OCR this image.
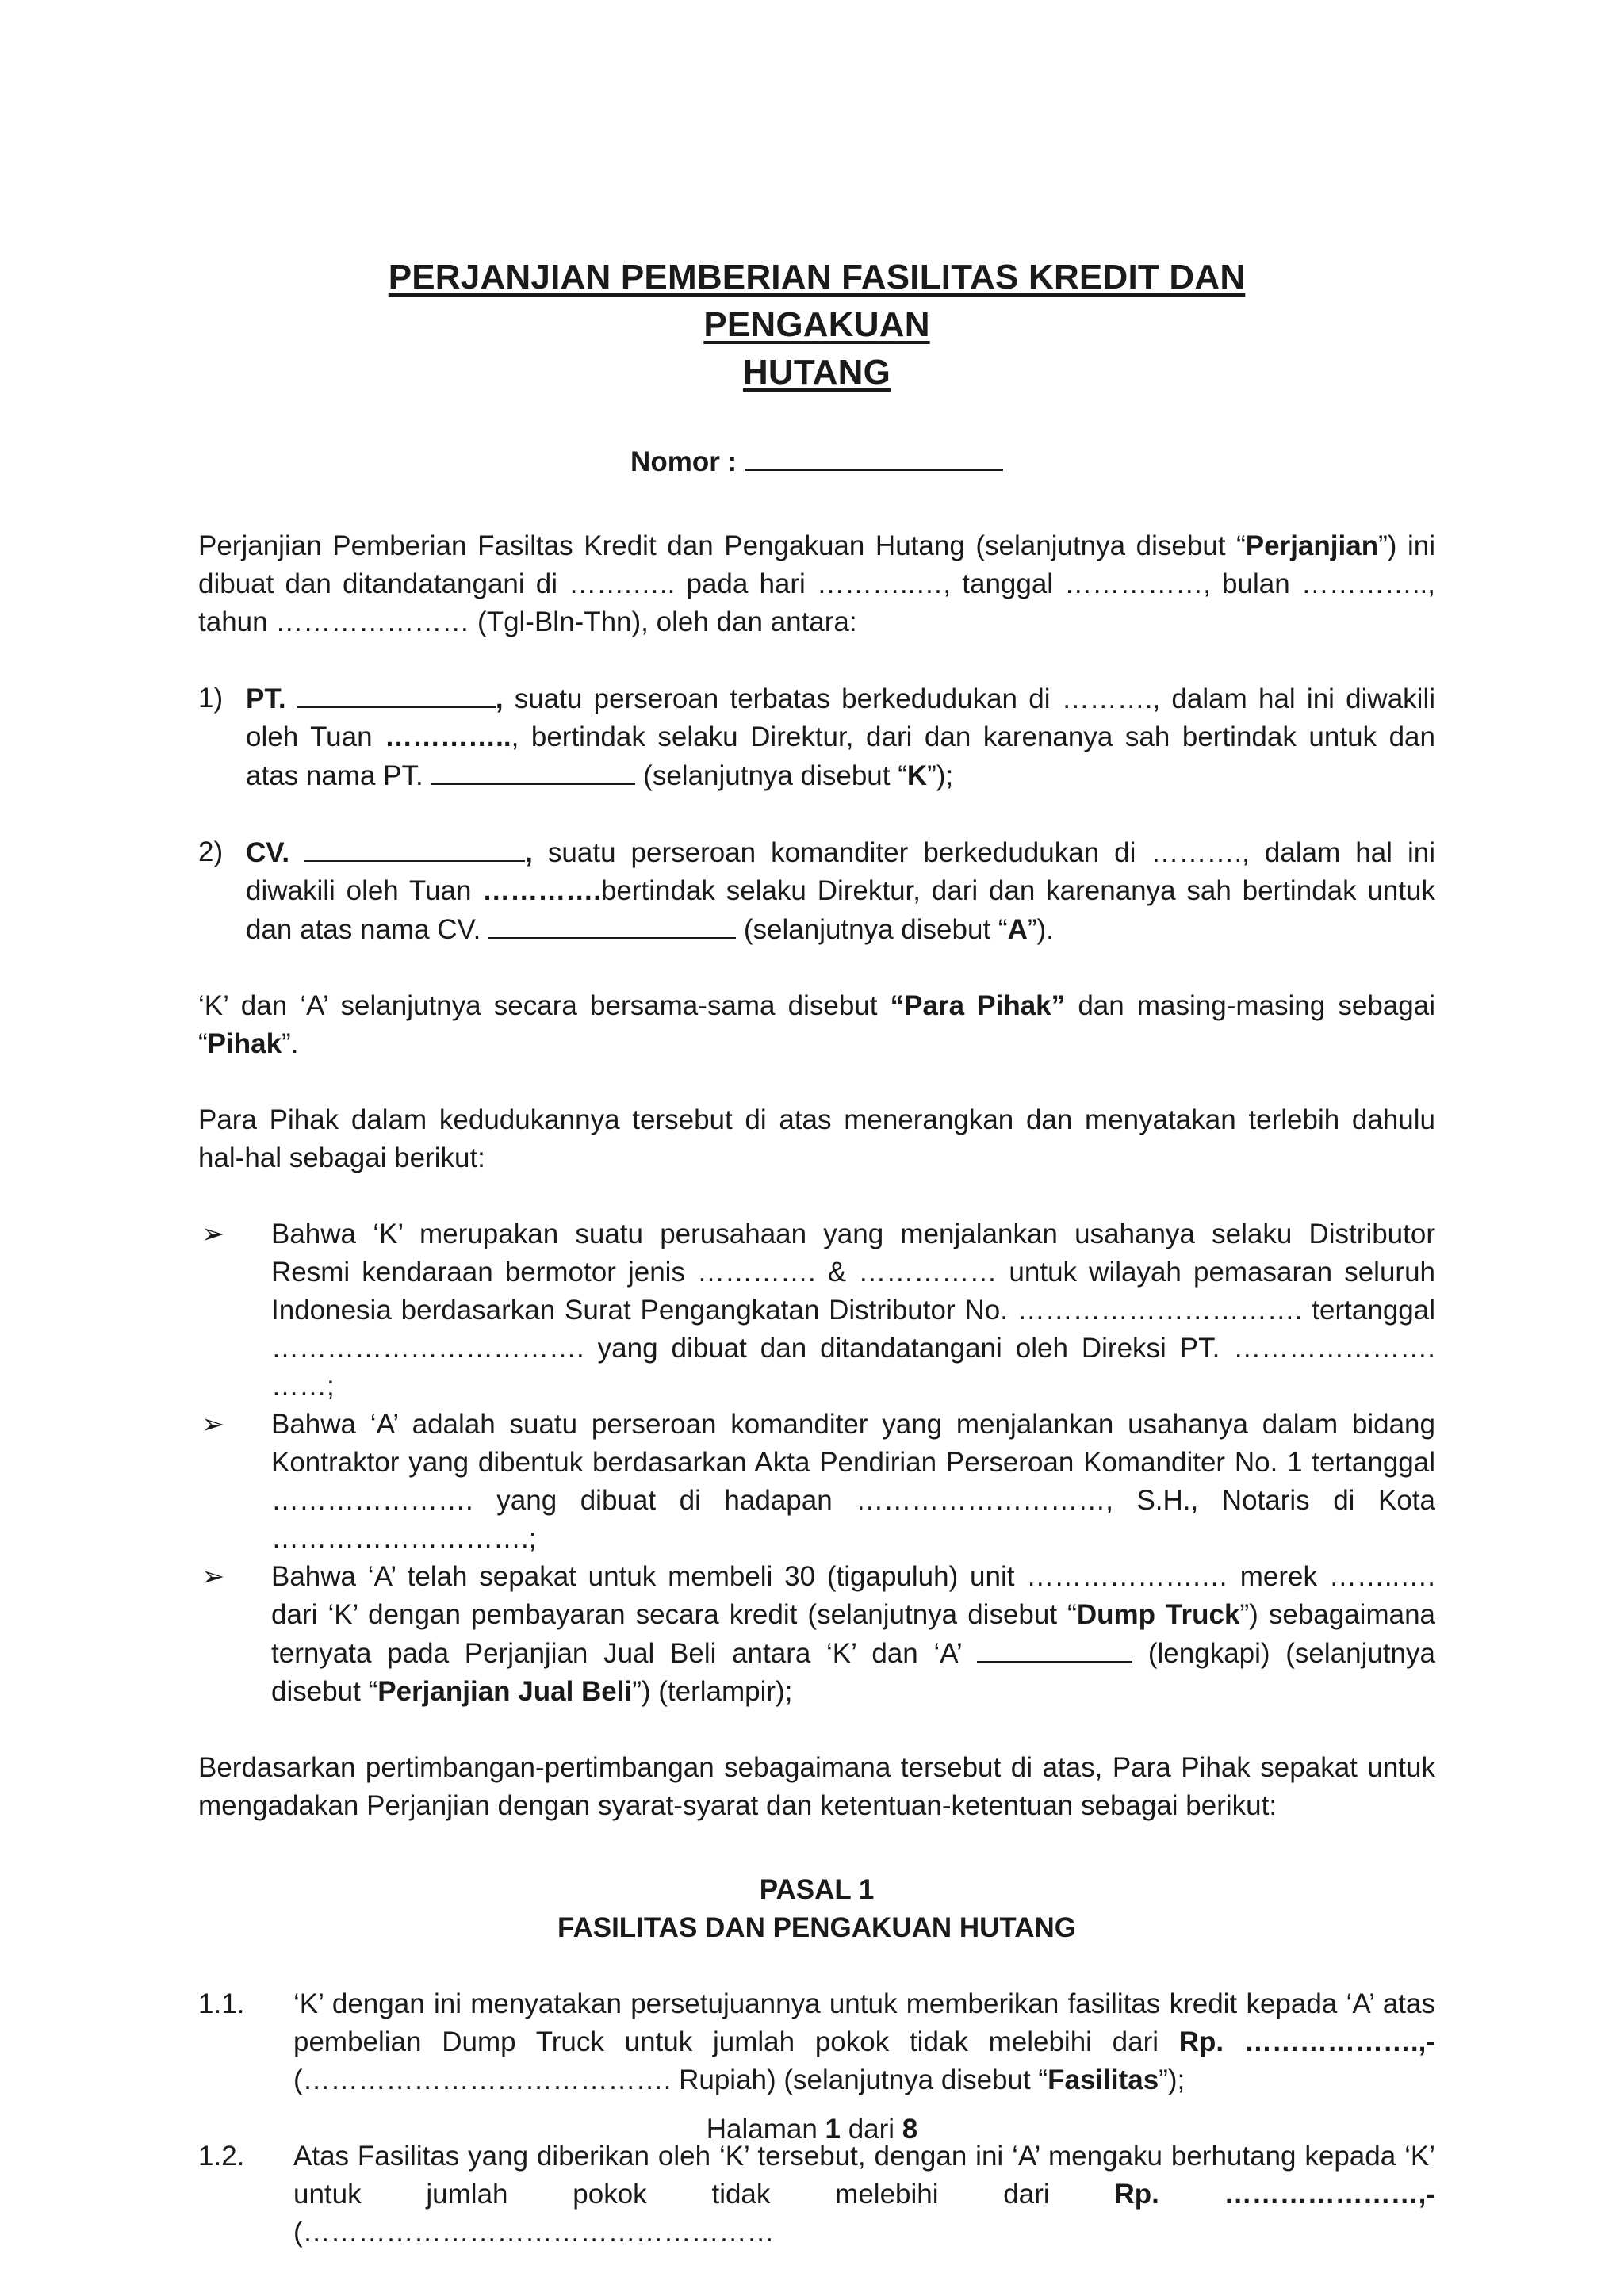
PERJANJIAN PEMBERIAN FASILITAS KREDIT DAN PENGAKUAN
HUTANG
Nomor :

Perjanjian Pemberian Fasiltas Kredit dan Pengakuan Hutang (selanjutnya disebut “Perjanjian”) ini dibuat dan ditandatangani di …….….. pada hari ………..…, tanggal ……………, bulan ………….., tahun ………………… (Tgl-Bln-Thn), oleh dan antara:

1) PT.	, suatu perseroan terbatas berkedudukan di ………., dalam hal ini diwakili oleh Tuan ………….., bertindak selaku Direktur, dari dan karenanya sah bertindak untuk dan atas nama PT.	(selanjutnya disebut “K”);
2) CV.	, suatu perseroan komanditer berkedudukan di ………., dalam hal ini diwakili oleh Tuan ………….bertindak selaku Direktur, dari dan karenanya sah bertindak untuk dan atas nama CV.	(selanjutnya disebut “A”).

‘K’ dan ‘A’ selanjutnya secara bersama-sama disebut “Para Pihak” dan masing-masing sebagai “Pihak”.

Para Pihak dalam kedudukannya tersebut di atas menerangkan dan menyatakan terlebih dahulu hal-hal sebagai berikut:

➢	Bahwa ‘K’ merupakan suatu perusahaan yang menjalankan usahanya selaku Distributor Resmi kendaraan bermotor jenis …………. & …………… untuk wilayah pemasaran seluruh Indonesia berdasarkan Surat Pengangkatan Distributor No. …………………………. tertanggal ……………………………. yang dibuat dan ditandatangani oleh Direksi PT. …………………. ……;
➢	Bahwa ‘A’ adalah suatu perseroan komanditer yang menjalankan usahanya dalam bidang Kontraktor yang dibentuk berdasarkan Akta Pendirian Perseroan Komanditer No. 1 tertanggal …………………. yang dibuat di hadapan ………………………, S.H., Notaris di Kota ……………………….;
➢	Bahwa ‘A’ telah sepakat untuk membeli 30 (tigapuluh) unit ……………….… merek ……..…. dari ‘K’ dengan pembayaran secara kredit (selanjutnya disebut “Dump Truck”) sebagaimana ternyata pada Perjanjian Jual Beli antara ‘K’ dan ‘A’	(lengkapi) (selanjutnya disebut “Perjanjian Jual Beli”) (terlampir);

Berdasarkan pertimbangan-pertimbangan sebagaimana tersebut di atas, Para Pihak sepakat untuk mengadakan Perjanjian dengan syarat-syarat dan ketentuan-ketentuan sebagai berikut:

PASAL 1
FASILITAS DAN PENGAKUAN HUTANG
1.1.	‘K’ dengan ini menyatakan persetujuannya untuk memberikan fasilitas kredit kepada ‘A’ atas pembelian Dump Truck untuk jumlah pokok tidak melebihi dari Rp. ……………….,- (…………………………………. Rupiah) (selanjutnya disebut “Fasilitas”);
1.2.	Atas Fasilitas yang diberikan oleh ‘K’ tersebut, dengan ini ‘A’ mengaku berhutang kepada ‘K’ untuk jumlah pokok tidak melebihi dari Rp. …………………,- (……………………………………………
Halaman 1 dari 8
